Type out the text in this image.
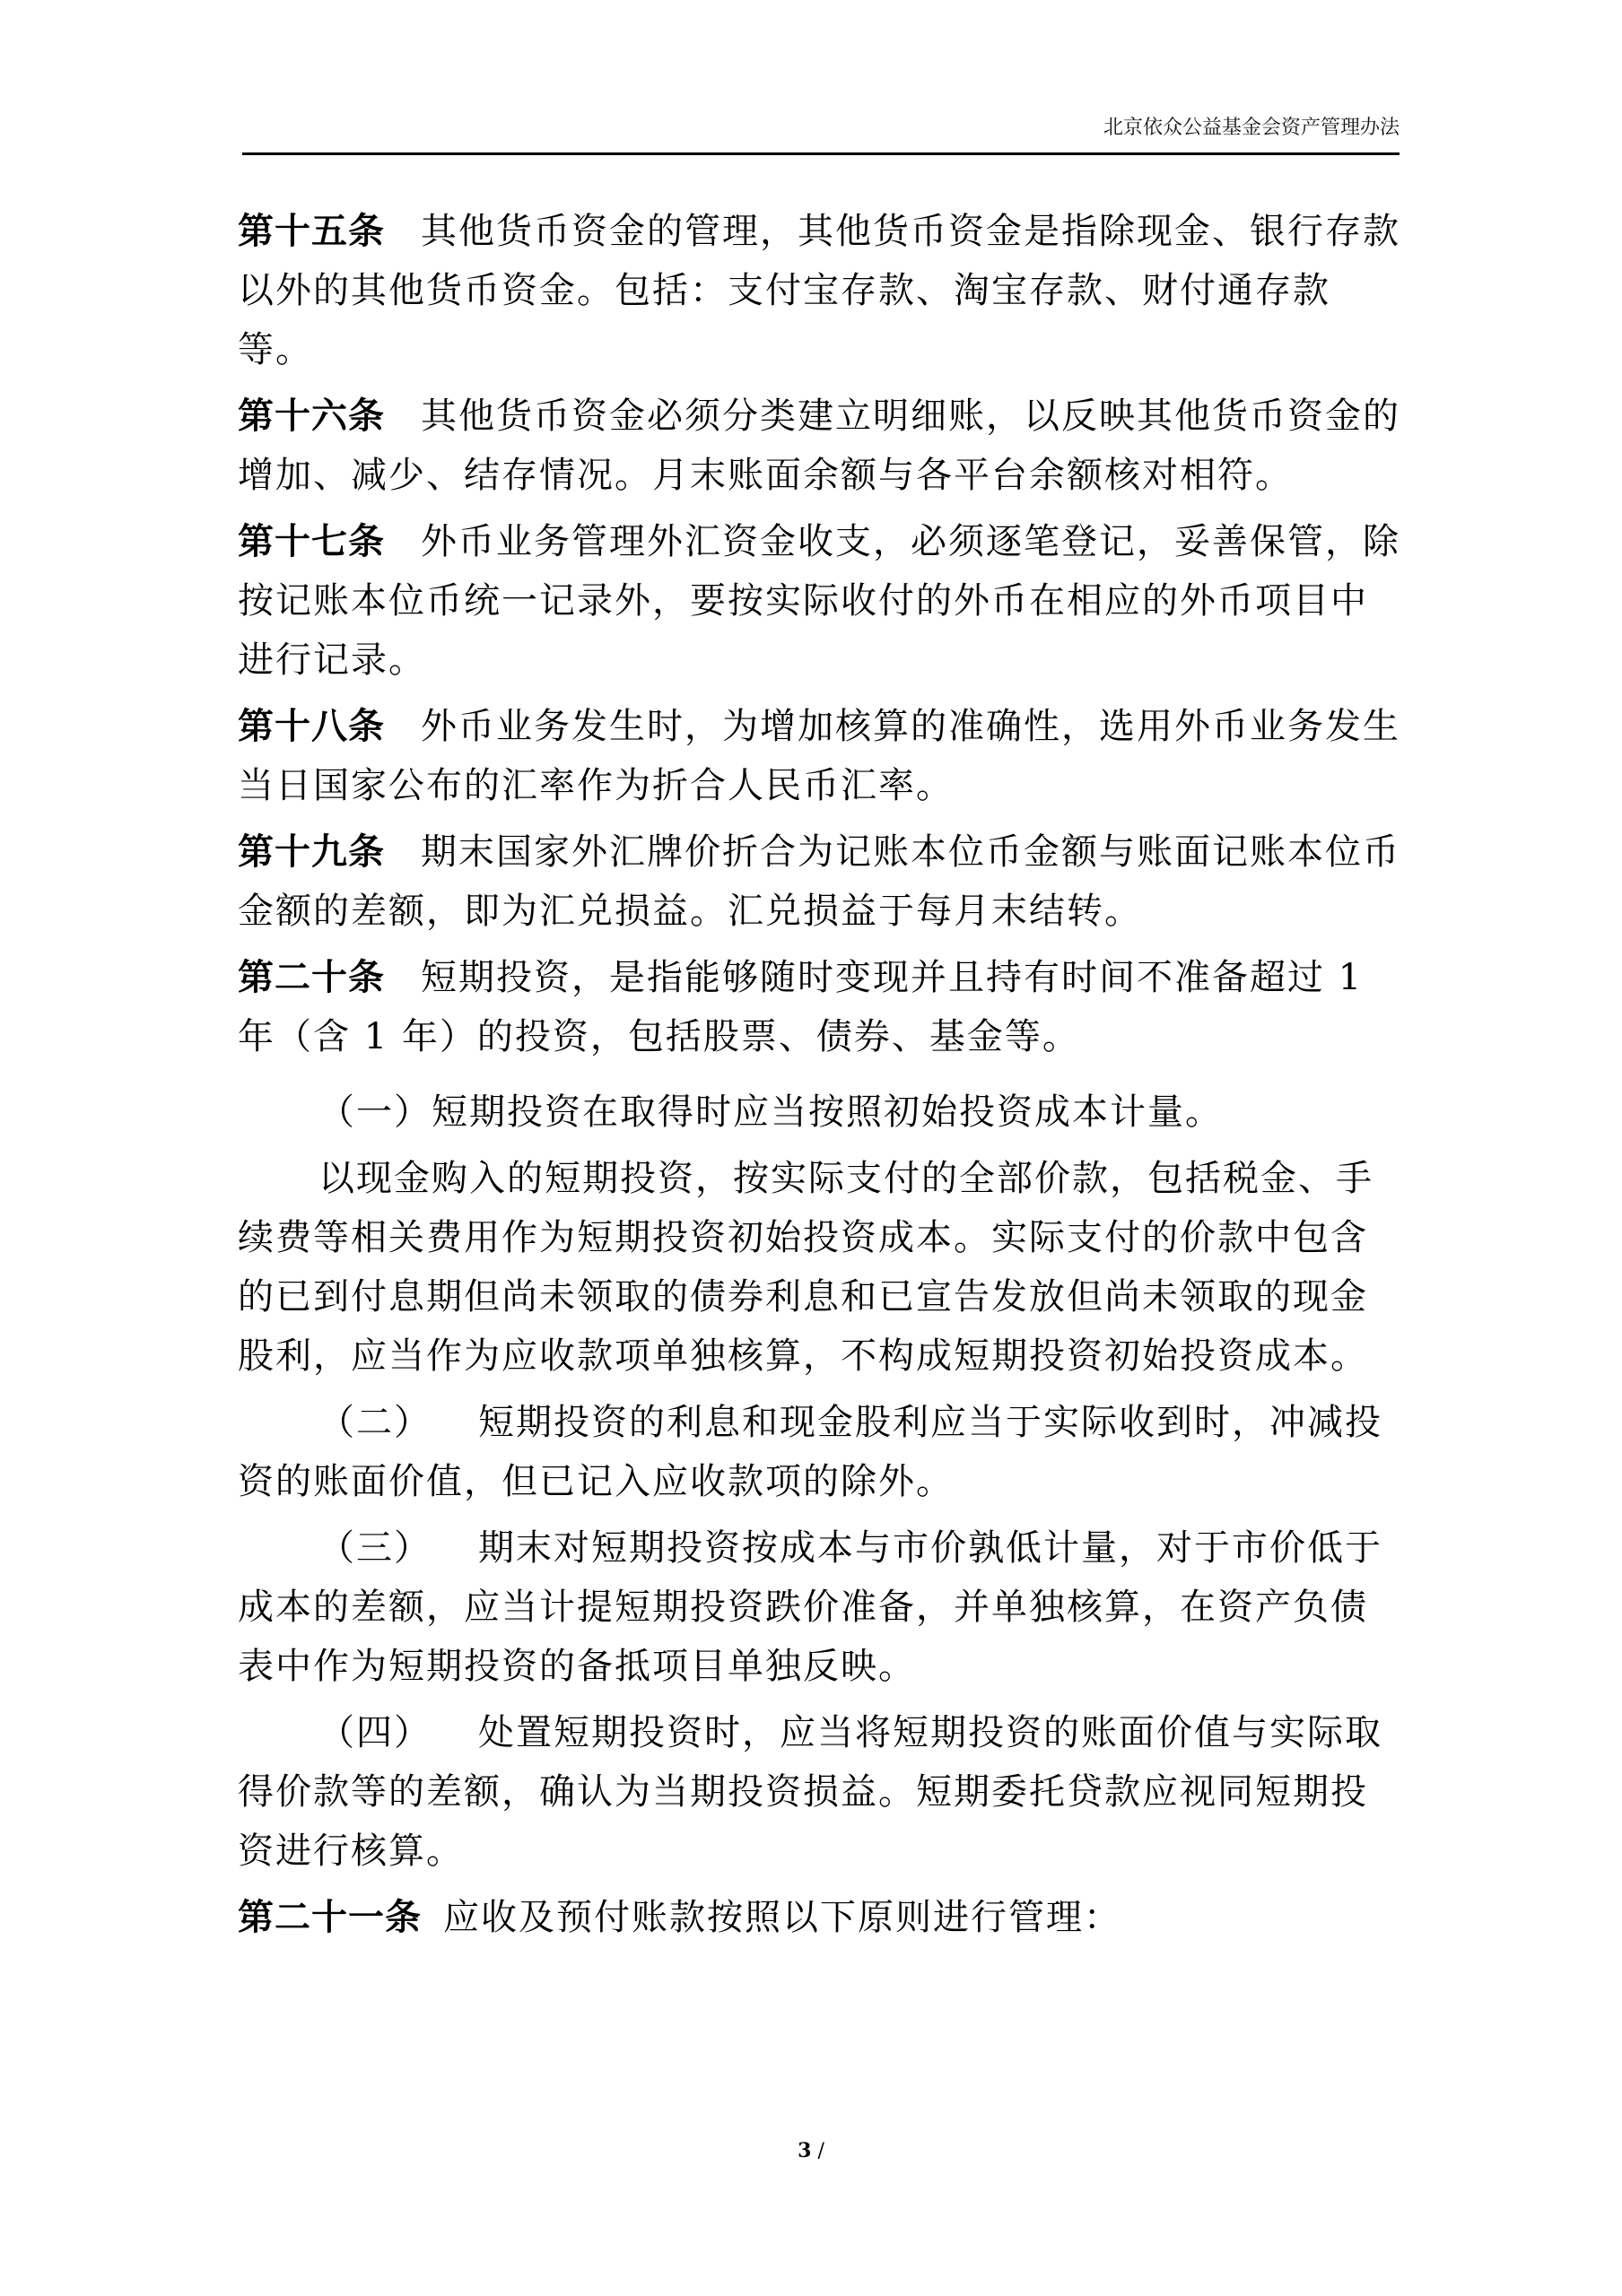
北京依众公益基金会资产管理办法

第十五条 其他货币资金的管理，其他货币资金是指除现金、银行存款以外的其他货币资金。包括：支付宝存款、淘宝存款、财付通存款等。

第十六条 其他货币资金必须分类建立明细账，以反映其他货币资金的增加、减少、结存情况。月末账面余额与各平台余额核对相符。

第十七条 外币业务管理外汇资金收支，必须逐笔登记，妥善保管，除按记账本位币统一记录外，要按实际收付的外币在相应的外币项目中进行记录。

第十八条 外币业务发生时，为增加核算的准确性，选用外币业务发生当日国家公布的汇率作为折合人民币汇率。

第十九条 期末国家外汇牌价折合为记账本位币金额与账面记账本位币金额的差额，即为汇兑损益。汇兑损益于每月末结转。

第二十条 短期投资，是指能够随时变现并且持有时间不准备超过 1 年（含 1 年）的投资，包括股票、债券、基金等。

（一）短期投资在取得时应当按照初始投资成本计量。

以现金购入的短期投资，按实际支付的全部价款，包括税金、手续费等相关费用作为短期投资初始投资成本。实际支付的价款中包含的已到付息期但尚未领取的债券利息和已宣告发放但尚未领取的现金股利，应当作为应收款项单独核算，不构成短期投资初始投资成本。

（二） 短期投资的利息和现金股利应当于实际收到时，冲减投资的账面价值，但已记入应收款项的除外。

（三） 期末对短期投资按成本与市价孰低计量，对于市价低于成本的差额，应当计提短期投资跌价准备，并单独核算，在资产负债表中作为短期投资的备抵项目单独反映。

（四） 处置短期投资时，应当将短期投资的账面价值与实际取得价款等的差额，确认为当期投资损益。短期委托贷款应视同短期投资进行核算。

第二十一条 应收及预付账款按照以下原则进行管理：

3 /
